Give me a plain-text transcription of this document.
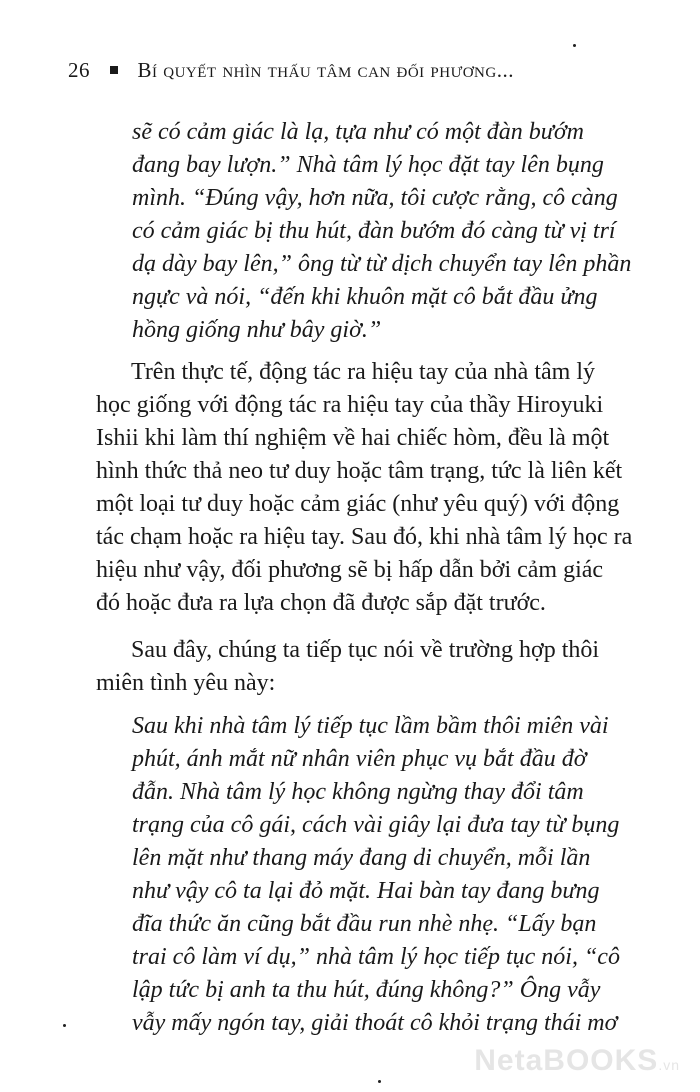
26 Bí quyết nhìn thấu tâm can đối phương...
sẽ có cảm giác là lạ, tựa như có một đàn bướm
đang bay lượn.” Nhà tâm lý học đặt tay lên bụng
mình. “Đúng vậy, hơn nữa, tôi cược rằng, cô càng
có cảm giác bị thu hút, đàn bướm đó càng từ vị trí
dạ dày bay lên,” ông từ từ dịch chuyển tay lên phần
ngực và nói, “đến khi khuôn mặt cô bắt đầu ửng
hồng giống như bây giờ.”
Trên thực tế, động tác ra hiệu tay của nhà tâm lý
học giống với động tác ra hiệu tay của thầy Hiroyuki
Ishii khi làm thí nghiệm về hai chiếc hòm, đều là một
hình thức thả neo tư duy hoặc tâm trạng, tức là liên kết
một loại tư duy hoặc cảm giác (như yêu quý) với động
tác chạm hoặc ra hiệu tay. Sau đó, khi nhà tâm lý học ra
hiệu như vậy, đối phương sẽ bị hấp dẫn bởi cảm giác
đó hoặc đưa ra lựa chọn đã được sắp đặt trước.
Sau đây, chúng ta tiếp tục nói về trường hợp thôi
miên tình yêu này:
Sau khi nhà tâm lý tiếp tục lầm bầm thôi miên vài
phút, ánh mắt nữ nhân viên phục vụ bắt đầu đờ
đẫn. Nhà tâm lý học không ngừng thay đổi tâm
trạng của cô gái, cách vài giây lại đưa tay từ bụng
lên mặt như thang máy đang di chuyển, mỗi lần
như vậy cô ta lại đỏ mặt. Hai bàn tay đang bưng
đĩa thức ăn cũng bắt đầu run nhè nhẹ. “Lấy bạn
trai cô làm ví dụ,” nhà tâm lý học tiếp tục nói, “cô
lập tức bị anh ta thu hút, đúng không?” Ông vẫy
vẫy mấy ngón tay, giải thoát cô khỏi trạng thái mơ
NetaBOOKS.vn
